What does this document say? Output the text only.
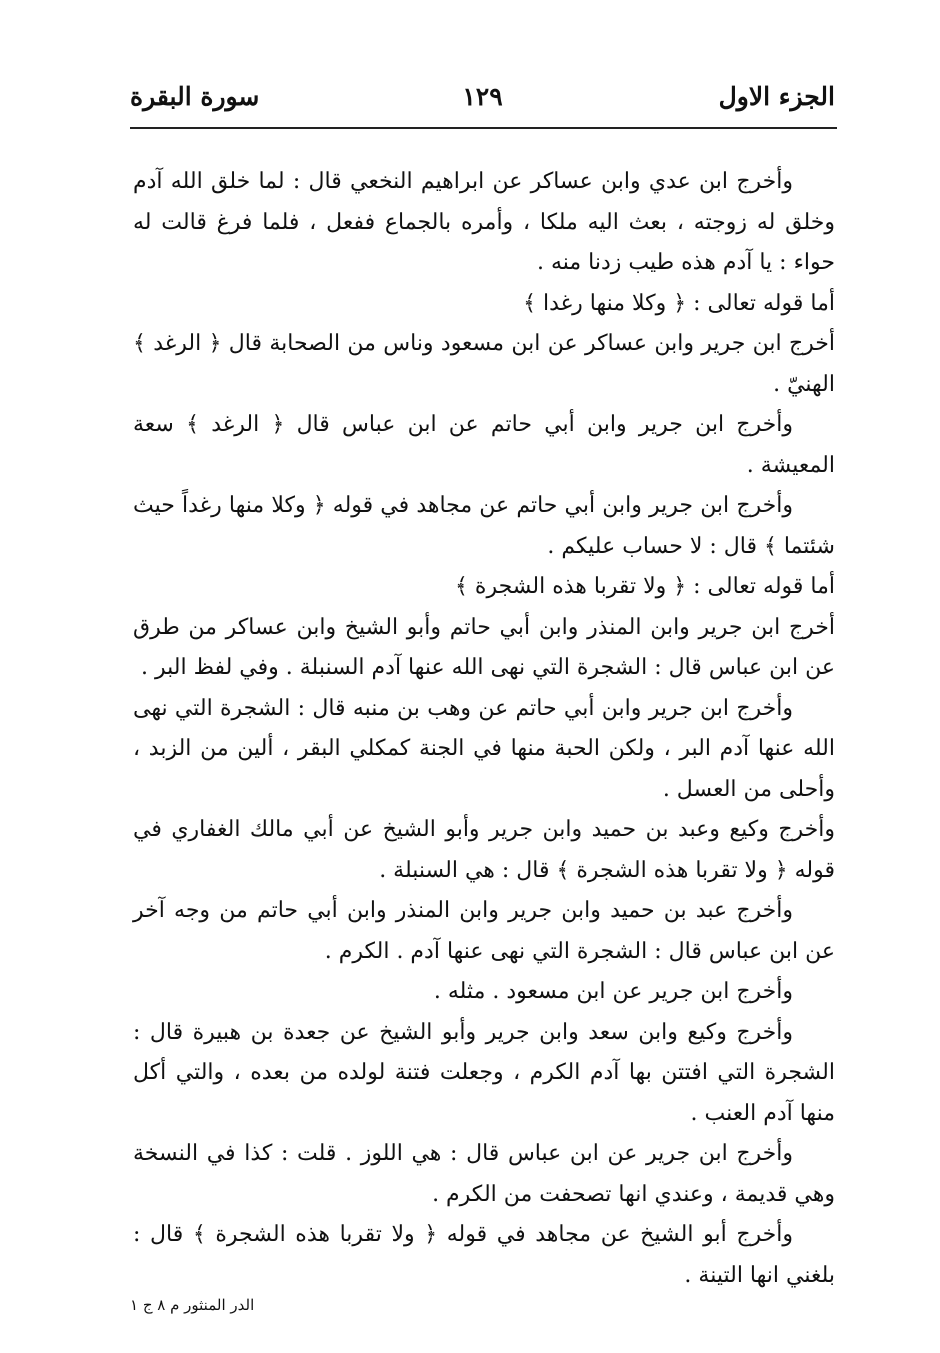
الجزء الاول
١٢٩
سورة البقرة

وأخرج ابن عدي وابن عساكر عن ابراهيم النخعي قال : لما خلق الله آدم وخلق له زوجته ، بعث اليه ملكا ، وأمره بالجماع ففعل ، فلما فرغ قالت له حواء : يا آدم هذه طيب زدنا منه .

أما قوله تعالى : ﴿ وكلا منها رغدا ﴾

أخرج ابن جرير وابن عساكر عن ابن مسعود وناس من الصحابة قال ﴿ الرغد ﴾ الهنيّ .

وأخرج ابن جرير وابن أبي حاتم عن ابن عباس قال ﴿ الرغد ﴾ سعة المعيشة .

وأخرج ابن جرير وابن أبي حاتم عن مجاهد في قوله ﴿ وكلا منها رغداً حيث شئتما ﴾ قال : لا حساب عليكم .

أما قوله تعالى : ﴿ ولا تقربا هذه الشجرة ﴾

أخرج ابن جرير وابن المنذر وابن أبي حاتم وأبو الشيخ وابن عساكر من طرق عن ابن عباس قال : الشجرة التي نهى الله عنها آدم السنبلة . وفي لفظ البر .

وأخرج ابن جرير وابن أبي حاتم عن وهب بن منبه قال : الشجرة التي نهى الله عنها آدم البر ، ولكن الحبة منها في الجنة كمكلي البقر ، ألين من الزبد ، وأحلى من العسل .

وأخرج وكيع وعبد بن حميد وابن جرير وأبو الشيخ عن أبي مالك الغفاري في قوله ﴿ ولا تقربا هذه الشجرة ﴾ قال : هي السنبلة .

وأخرج عبد بن حميد وابن جرير وابن المنذر وابن أبي حاتم من وجه آخر عن ابن عباس قال : الشجرة التي نهى عنها آدم . الكرم .

وأخرج ابن جرير عن ابن مسعود . مثله .

وأخرج وكيع وابن سعد وابن جرير وأبو الشيخ عن جعدة بن هبيرة قال : الشجرة التي افتتن بها آدم الكرم ، وجعلت فتنة لولده من بعده ، والتي أكل منها آدم العنب .

وأخرج ابن جرير عن ابن عباس قال : هي اللوز . قلت : كذا في النسخة وهي قديمة ، وعندي انها تصحفت من الكرم .

وأخرج أبو الشيخ عن مجاهد في قوله ﴿ ولا تقربا هذه الشجرة ﴾ قال : بلغني انها التينة .

الدر المنثور م ٨ ج ١
